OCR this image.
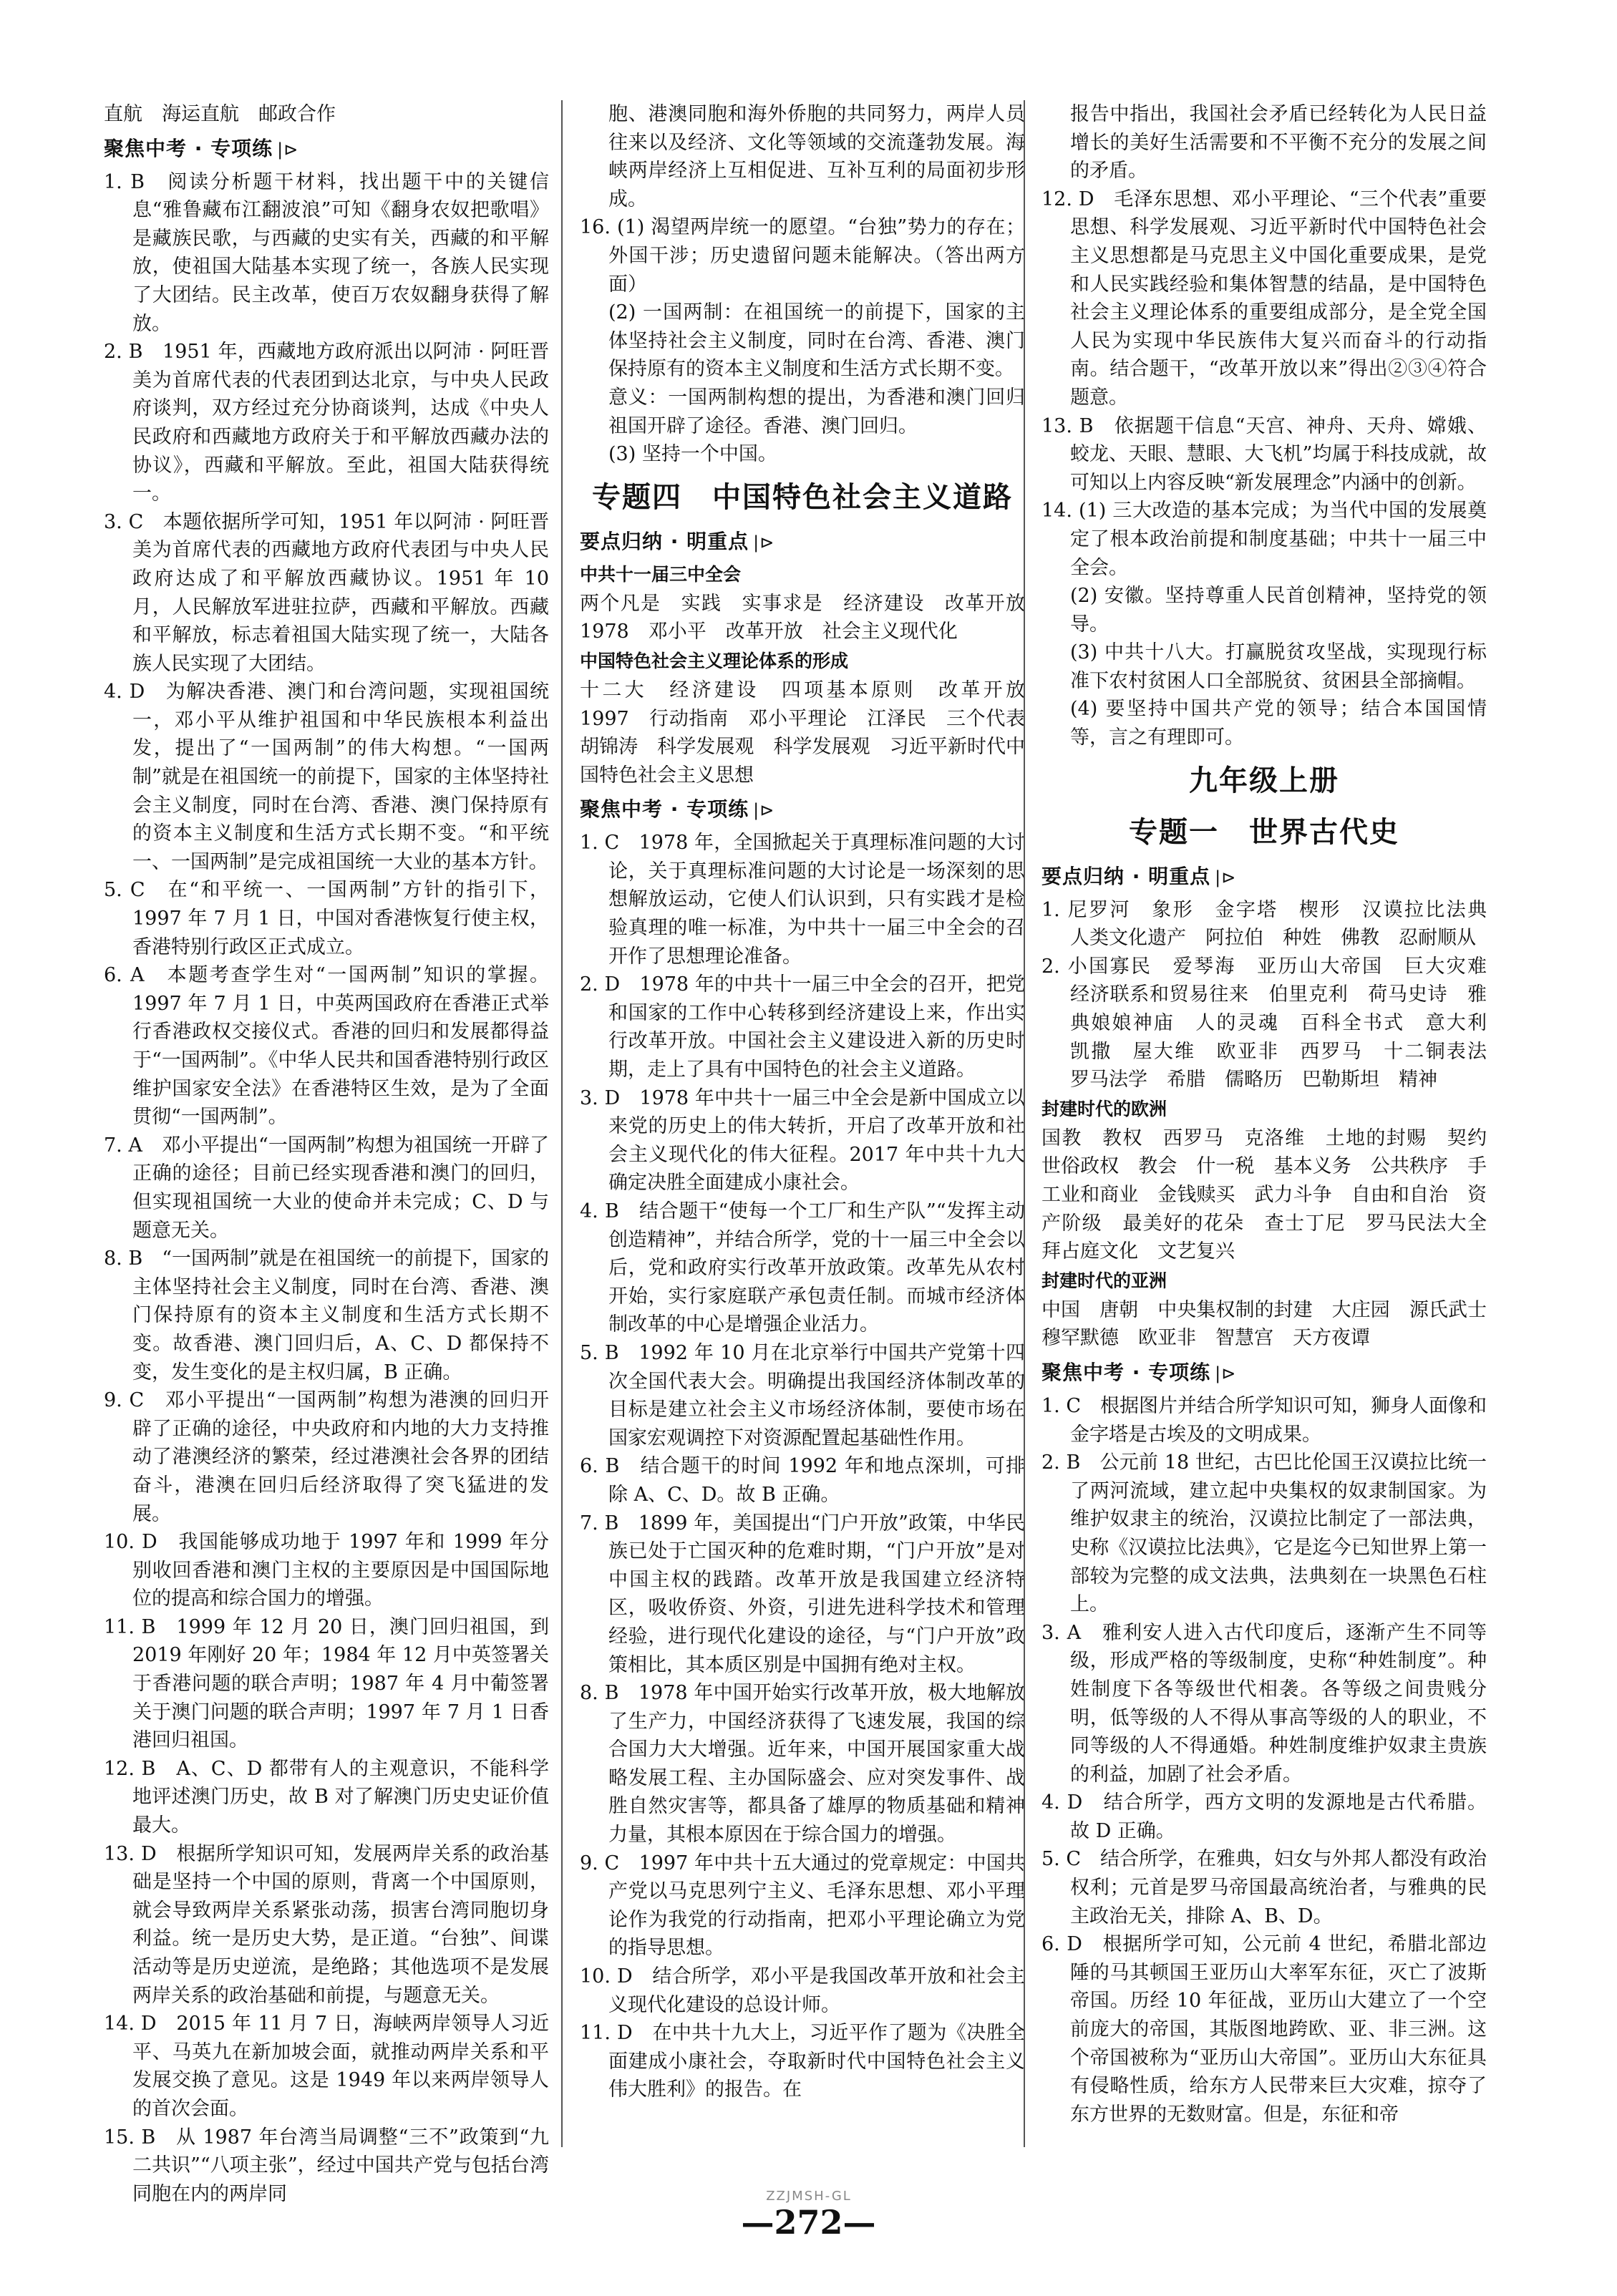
直航　海运直航　邮政合作

聚焦中考 · 专项练 |⊳

1. B　阅读分析题干材料，找出题干中的关键信息“雅鲁藏布江翻波浪”可知《翻身农奴把歌唱》是藏族民歌，与西藏的史实有关，西藏的和平解放，使祖国大陆基本实现了统一，各族人民实现了大团结。民主改革，使百万农奴翻身获得了解放。

2. B　1951 年，西藏地方政府派出以阿沛 · 阿旺晋美为首席代表的代表团到达北京，与中央人民政府谈判，双方经过充分协商谈判，达成《中央人民政府和西藏地方政府关于和平解放西藏办法的协议》，西藏和平解放。至此，祖国大陆获得统一。

3. C　本题依据所学可知，1951 年以阿沛 · 阿旺晋美为首席代表的西藏地方政府代表团与中央人民政府达成了和平解放西藏协议。1951 年 10 月，人民解放军进驻拉萨，西藏和平解放。西藏和平解放，标志着祖国大陆实现了统一，大陆各族人民实现了大团结。

4. D　为解决香港、澳门和台湾问题，实现祖国统一，邓小平从维护祖国和中华民族根本利益出发，提出了“一国两制”的伟大构想。“一国两制”就是在祖国统一的前提下，国家的主体坚持社会主义制度，同时在台湾、香港、澳门保持原有的资本主义制度和生活方式长期不变。“和平统一、一国两制”是完成祖国统一大业的基本方针。

5. C　在“和平统一、一国两制”方针的指引下，1997 年 7 月 1 日，中国对香港恢复行使主权，香港特别行政区正式成立。

6. A　本题考查学生对“一国两制”知识的掌握。1997 年 7 月 1 日，中英两国政府在香港正式举行香港政权交接仪式。香港的回归和发展都得益于“一国两制”。《中华人民共和国香港特别行政区维护国家安全法》在香港特区生效，是为了全面贯彻“一国两制”。

7. A　邓小平提出“一国两制”构想为祖国统一开辟了正确的途径；目前已经实现香港和澳门的回归，但实现祖国统一大业的使命并未完成；C、D 与题意无关。

8. B　“一国两制”就是在祖国统一的前提下，国家的主体坚持社会主义制度，同时在台湾、香港、澳门保持原有的资本主义制度和生活方式长期不变。故香港、澳门回归后，A、C、D 都保持不变，发生变化的是主权归属，B 正确。

9. C　邓小平提出“一国两制”构想为港澳的回归开辟了正确的途径，中央政府和内地的大力支持推动了港澳经济的繁荣，经过港澳社会各界的团结奋斗，港澳在回归后经济取得了突飞猛进的发展。

10. D　我国能够成功地于 1997 年和 1999 年分别收回香港和澳门主权的主要原因是中国国际地位的提高和综合国力的增强。

11. B　1999 年 12 月 20 日，澳门回归祖国，到 2019 年刚好 20 年；1984 年 12 月中英签署关于香港问题的联合声明；1987 年 4 月中葡签署关于澳门问题的联合声明；1997 年 7 月 1 日香港回归祖国。

12. B　A、C、D 都带有人的主观意识，不能科学地评述澳门历史，故 B 对了解澳门历史史证价值最大。

13. D　根据所学知识可知，发展两岸关系的政治基础是坚持一个中国的原则，背离一个中国原则，就会导致两岸关系紧张动荡，损害台湾同胞切身利益。统一是历史大势，是正道。“台独”、间谍活动等是历史逆流，是绝路；其他选项不是发展两岸关系的政治基础和前提，与题意无关。

14. D　2015 年 11 月 7 日，海峡两岸领导人习近平、马英九在新加坡会面，就推动两岸关系和平发展交换了意见。这是 1949 年以来两岸领导人的首次会面。

15. B　从 1987 年台湾当局调整“三不”政策到“九二共识”“八项主张”，经过中国共产党与包括台湾同胞在内的两岸同

胞、港澳同胞和海外侨胞的共同努力，两岸人员往来以及经济、文化等领域的交流蓬勃发展。海峡两岸经济上互相促进、互补互利的局面初步形成。

16. (1) 渴望两岸统一的愿望。“台独”势力的存在；外国干涉；历史遗留问题未能解决。（答出两方面）

(2) 一国两制：在祖国统一的前提下，国家的主体坚持社会主义制度，同时在台湾、香港、澳门保持原有的资本主义制度和生活方式长期不变。

意义：一国两制构想的提出，为香港和澳门回归祖国开辟了途径。香港、澳门回归。

(3) 坚持一个中国。

专题四　中国特色社会主义道路
要点归纳 · 明重点 |⊳
中共十一届三中全会

两个凡是　实践　实事求是　经济建设　改革开放　1978　邓小平　改革开放　社会主义现代化

中国特色社会主义理论体系的形成

十二大　经济建设　四项基本原则　改革开放　1997　行动指南　邓小平理论　江泽民　三个代表　胡锦涛　科学发展观　科学发展观　习近平新时代中国特色社会主义思想

聚焦中考 · 专项练 |⊳

1. C　1978 年，全国掀起关于真理标准问题的大讨论，关于真理标准问题的大讨论是一场深刻的思想解放运动，它使人们认识到，只有实践才是检验真理的唯一标准，为中共十一届三中全会的召开作了思想理论准备。

2. D　1978 年的中共十一届三中全会的召开，把党和国家的工作中心转移到经济建设上来，作出实行改革开放。中国社会主义建设进入新的历史时期，走上了具有中国特色的社会主义道路。

3. D　1978 年中共十一届三中全会是新中国成立以来党的历史上的伟大转折，开启了改革开放和社会主义现代化的伟大征程。2017 年中共十九大确定决胜全面建成小康社会。

4. B　结合题干“使每一个工厂和生产队”“发挥主动创造精神”，并结合所学，党的十一届三中全会以后，党和政府实行改革开放政策。改革先从农村开始，实行家庭联产承包责任制。而城市经济体制改革的中心是增强企业活力。

5. B　1992 年 10 月在北京举行中国共产党第十四次全国代表大会。明确提出我国经济体制改革的目标是建立社会主义市场经济体制，要使市场在国家宏观调控下对资源配置起基础性作用。

6. B　结合题干的时间 1992 年和地点深圳，可排除 A、C、D。故 B 正确。

7. B　1899 年，美国提出“门户开放”政策，中华民族已处于亡国灭种的危难时期，“门户开放”是对中国主权的践踏。改革开放是我国建立经济特区，吸收侨资、外资，引进先进科学技术和管理经验，进行现代化建设的途径，与“门户开放”政策相比，其本质区别是中国拥有绝对主权。

8. B　1978 年中国开始实行改革开放，极大地解放了生产力，中国经济获得了飞速发展，我国的综合国力大大增强。近年来，中国开展国家重大战略发展工程、主办国际盛会、应对突发事件、战胜自然灾害等，都具备了雄厚的物质基础和精神力量，其根本原因在于综合国力的增强。

9. C　1997 年中共十五大通过的党章规定：中国共产党以马克思列宁主义、毛泽东思想、邓小平理论作为我党的行动指南，把邓小平理论确立为党的指导思想。

10. D　结合所学，邓小平是我国改革开放和社会主义现代化建设的总设计师。

11. D　在中共十九大上，习近平作了题为《决胜全面建成小康社会，夺取新时代中国特色社会主义伟大胜利》的报告。在

报告中指出，我国社会矛盾已经转化为人民日益增长的美好生活需要和不平衡不充分的发展之间的矛盾。

12. D　毛泽东思想、邓小平理论、“三个代表”重要思想、科学发展观、习近平新时代中国特色社会主义思想都是马克思主义中国化重要成果，是党和人民实践经验和集体智慧的结晶，是中国特色社会主义理论体系的重要组成部分，是全党全国人民为实现中华民族伟大复兴而奋斗的行动指南。结合题干，“改革开放以来”得出②③④符合题意。

13. B　依据题干信息“天宫、神舟、天舟、嫦娥、蛟龙、天眼、慧眼、大飞机”均属于科技成就，故可知以上内容反映“新发展理念”内涵中的创新。

14. (1) 三大改造的基本完成；为当代中国的发展奠定了根本政治前提和制度基础；中共十一届三中全会。

(2) 安徽。坚持尊重人民首创精神，坚持党的领导。

(3) 中共十八大。打赢脱贫攻坚战，实现现行标准下农村贫困人口全部脱贫、贫困县全部摘帽。

(4) 要坚持中国共产党的领导；结合本国国情等，言之有理即可。

九年级上册
专题一　世界古代史
要点归纳 · 明重点 |⊳

1. 尼罗河　象形　金字塔　楔形　汉谟拉比法典　人类文化遗产　阿拉伯　种姓　佛教　忍耐顺从

2. 小国寡民　爱琴海　亚历山大帝国　巨大灾难　经济联系和贸易往来　伯里克利　荷马史诗　雅典娘娘神庙　人的灵魂　百科全书式　意大利　凯撒　屋大维　欧亚非　西罗马　十二铜表法　罗马法学　希腊　儒略历　巴勒斯坦　精神

封建时代的欧洲

国教　教权　西罗马　克洛维　土地的封赐　契约　世俗政权　教会　什一税　基本义务　公共秩序　手工业和商业　金钱赎买　武力斗争　自由和自治　资产阶级　最美好的花朵　查士丁尼　罗马民法大全　拜占庭文化　文艺复兴

封建时代的亚洲

中国　唐朝　中央集权制的封建　大庄园　源氏武士　穆罕默德　欧亚非　智慧宫　天方夜谭

聚焦中考 · 专项练 |⊳

1. C　根据图片并结合所学知识可知，狮身人面像和金字塔是古埃及的文明成果。

2. B　公元前 18 世纪，古巴比伦国王汉谟拉比统一了两河流域，建立起中央集权的奴隶制国家。为维护奴隶主的统治，汉谟拉比制定了一部法典，史称《汉谟拉比法典》，它是迄今已知世界上第一部较为完整的成文法典，法典刻在一块黑色石柱上。

3. A　雅利安人进入古代印度后，逐渐产生不同等级，形成严格的等级制度，史称“种姓制度”。种姓制度下各等级世代相袭。各等级之间贵贱分明，低等级的人不得从事高等级的人的职业，不同等级的人不得通婚。种姓制度维护奴隶主贵族的利益，加剧了社会矛盾。

4. D　结合所学，西方文明的发源地是古代希腊。故 D 正确。

5. C　结合所学，在雅典，妇女与外邦人都没有政治权利；元首是罗马帝国最高统治者，与雅典的民主政治无关，排除 A、B、D。

6. D　根据所学可知，公元前 4 世纪，希腊北部边陲的马其顿国王亚历山大率军东征，灭亡了波斯帝国。历经 10 年征战，亚历山大建立了一个空前庞大的帝国，其版图地跨欧、亚、非三洲。这个帝国被称为“亚历山大帝国”。亚历山大东征具有侵略性质，给东方人民带来巨大灾难，掠夺了东方世界的无数财富。但是，东征和帝

ZZJMSH-GL
—272—
